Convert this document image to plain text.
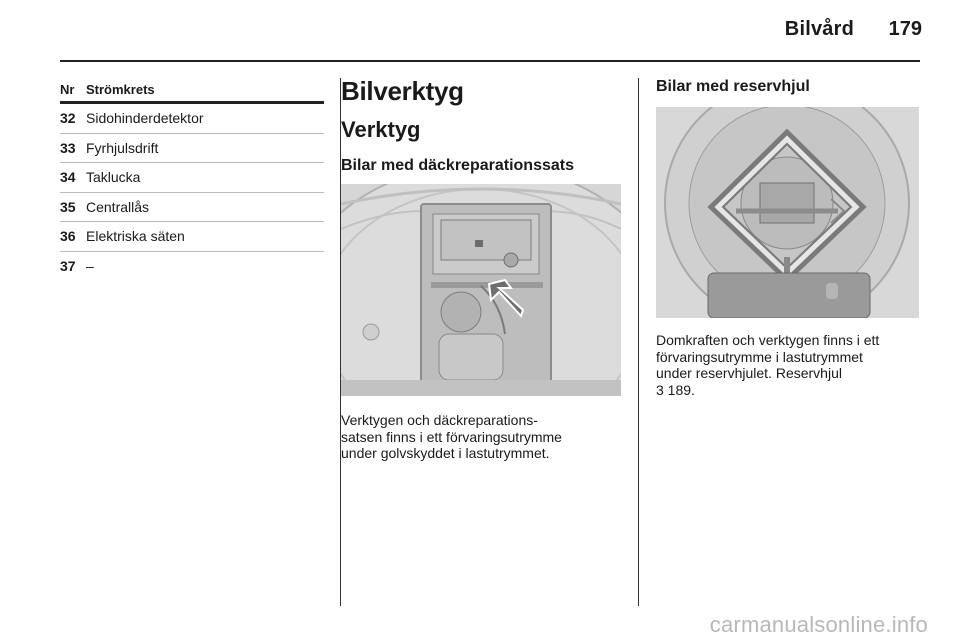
Bilvård	179
Nr Strömkrets
32 Sidohinderdetektor
33 Fyrhjulsdrift
34 Taklucka
35 Centrallås
36 Elektriska säten
37 –
Bilverktyg
Verktyg
Bilar med däckreparationssats
Verktygen och däckreparations-
satsen finns i ett förvaringsutrymme
under golvskyddet i lastutrymmet.
Bilar med reservhjul
Domkraften och verktygen finns i ett
förvaringsutrymme i lastutrymmet
under reservhjulet. Reservhjul
3 189.
carmanualsonline.info
